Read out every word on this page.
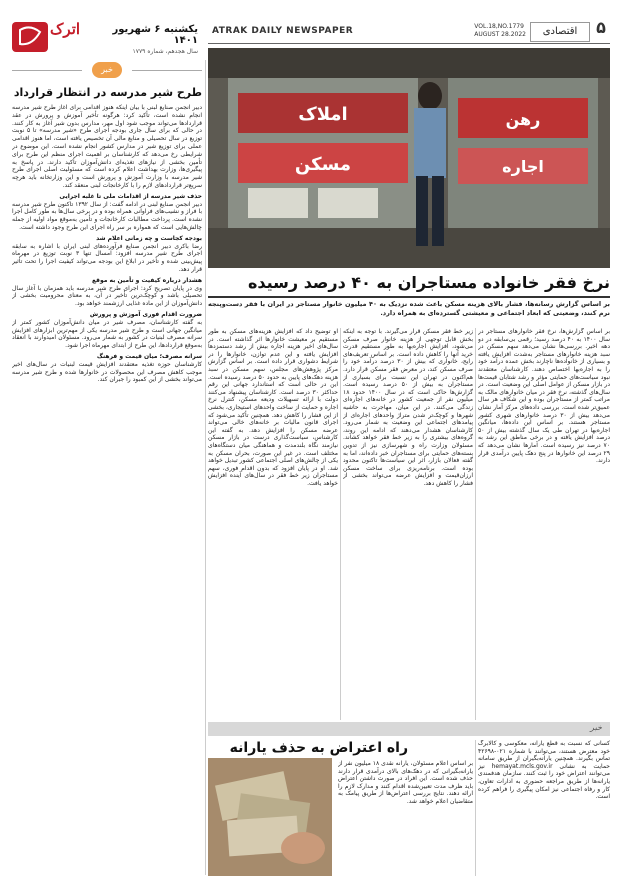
۵
اقتصادی
VOL.18,NO.1779
AUGUST 28.2022
ATRAK DAILY NEWSPAPER
اترک	یکشنبه ۶ شهریور ۱۴۰۱
سال هجدهم، شماره ۱۷۷۹
خبر
طرح شیر مدرسه در انتظار قرارداد
دبیر انجمن صنایع لبنی با بیان اینکه هنوز اقدامی برای آغاز طرح شیر مدرسه انجام نشده است، تأکید کرد: هرگونه تأخیر آموزش و پرورش در عقد قراردادها می‌تواند موجب شود اول مهر، مدارس بدون شیر آغاز به کار کنند. در حالی که برای سال جاری بودجه اجرای طرح «شیر مدرسه» تا ۵ نوبت توزیع در سال تحصیلی و منابع مالی آن تخصیص یافته است، اما هنوز اقدامی عملی برای توزیع شیر در مدارس کشور انجام نشده است. این موضوع در شرایطی رخ می‌دهد که کارشناسان بر اهمیت اجرای منظم این طرح برای تأمین بخشی از نیازهای تغذیه‌ای دانش‌آموزان تأکید دارند. در پاسخ به پیگیری‌ها، وزارت بهداشت اعلام کرده است که مسئولیت اصلی اجرای طرح شیر مدرسه با وزارت آموزش و پرورش است و این وزارتخانه باید هرچه سریع‌تر قراردادهای لازم را با کارخانجات لبنی منعقد کند.
حذف شیر مدرسه از اقدامات ملی تا غلبه اجرایی
دبیر انجمن صنایع لبنی در ادامه گفت: از سال ۱۳۹۲ تاکنون طرح شیر مدرسه با فراز و نشیب‌های فراوانی همراه بوده و در برخی سال‌ها به طور کامل اجرا نشده است. پرداخت مطالبات کارخانجات و تأمین به‌موقع مواد اولیه از جمله چالش‌هایی است که همواره بر سر راه اجرای این طرح وجود داشته است.
بودجه کجاست و چه زمانی اعلام شد
رضا باکری دبیر انجمن صنایع فرآورده‌های لبنی ایران با اشاره به سابقه اجرای طرح شیر مدرسه افزود: امسال تنها ۳ نوبت توزیع در مهرماه پیش‌بینی شده و تأخیر در ابلاغ این بودجه می‌تواند کیفیت اجرا را تحت تأثیر قرار دهد.
هشدار درباره کیفیت و تأمین به موقع
وی در پایان تصریح کرد: اجرای طرح شیر مدرسه باید همزمان با آغاز سال تحصیلی باشد و کوچک‌ترین تأخیر در آن، به معنای محرومیت بخشی از دانش‌آموزان از این ماده غذایی ارزشمند خواهد بود.
ضرورت اقدام فوری آموزش و پرورش
به گفته کارشناسان، مصرف شیر در میان دانش‌آموزان کشور کمتر از میانگین جهانی است و طرح شیر مدرسه یکی از مهم‌ترین ابزارهای افزایش سرانه مصرف لبنیات در کشور به شمار می‌رود. مسئولان امیدوارند با انعقاد به‌موقع قراردادها، این طرح از ابتدای مهرماه اجرا شود.
سرانه مصرف؛ میان قیمت و فرهنگ
کارشناسان حوزه تغذیه معتقدند افزایش قیمت لبنیات در سال‌های اخیر موجب کاهش مصرف این محصولات در خانوارها شده و طرح شیر مدرسه می‌تواند بخشی از این کمبود را جبران کند.
املاک
مسکن
رهن
اجاره
نرخ فقر خانواده مستاجران به ۴۰ درصد رسیده
بر اساس گزارش رسانه‌ها، فشار بالای هزینه مسکن باعث شده نزدیک به ۴۰ میلیون خانوار مستاجر در ایران با فقر دست‌وپنجه نرم کنند، وضعیتی که ابعاد اجتماعی و معیشتی گسترده‌ای به همراه دارد.
بر اساس گزارش‌ها، نرخ فقر خانوارهای مستاجر در سال ۱۴۰۰ به ۴۰ درصد رسید؛ رقمی بی‌سابقه در دو دهه اخیر. بررسی‌ها نشان می‌دهد سهم مسکن در سبد هزینه خانوارهای مستاجر به‌شدت افزایش یافته و بسیاری از خانواده‌ها ناچارند بخش عمده درآمد خود را به اجاره‌بها اختصاص دهند. کارشناسان معتقدند نبود سیاست‌های حمایتی مؤثر و رشد شتابان قیمت‌ها در بازار مسکن از عوامل اصلی این وضعیت است. در سال‌های گذشته، نرخ فقر در میان خانوارهای مالک به مراتب کمتر از مستاجران بوده و این شکاف هر سال عمیق‌تر شده است. بررسی داده‌های مرکز آمار نشان می‌دهد بیش از ۳۰ درصد خانوارهای شهری کشور مستاجر هستند. بر اساس این داده‌ها، میانگین اجاره‌بها در تهران طی یک سال گذشته بیش از ۵۰ درصد افزایش یافته و در برخی مناطق این رشد به ۷۰ درصد نیز رسیده است. آمارها نشان می‌دهد که ۲۹ درصد این خانوارها در پنج دهک پایین درآمدی قرار دارند.
زیر خط فقر مسکن قرار می‌گیرند. با توجه به اینکه بخش قابل توجهی از هزینه خانوار صرف مسکن می‌شود، افزایش اجاره‌بها به طور مستقیم قدرت خرید آنها را کاهش داده است. بر اساس تعریف‌های رایج، خانواری که بیش از ۳۰ درصد درآمد خود را صرف مسکن کند، در معرض فقر مسکن قرار دارد. هم‌اکنون در تهران این نسبت برای بسیاری از مستاجران به بیش از ۵۰ درصد رسیده است. گزارش‌ها حاکی است که در سال ۱۴۰۰ حدود ۱۸ میلیون نفر از جمعیت کشور در خانه‌های اجاره‌ای زندگی می‌کنند. در این میان، مهاجرت به حاشیه شهرها و کوچک‌تر شدن متراژ واحدهای اجاره‌ای از پیامدهای اجتماعی این وضعیت به شمار می‌رود. کارشناسان هشدار می‌دهند که ادامه این روند، گروه‌های بیشتری را به زیر خط فقر خواهد کشاند. مسئولان وزارت راه و شهرسازی نیز از تدوین بسته‌های حمایتی برای مستاجران خبر داده‌اند، اما به گفته فعالان بازار، اثر این سیاست‌ها تاکنون محدود بوده است. برنامه‌ریزی برای ساخت مسکن ارزان‌قیمت و افزایش عرضه می‌تواند بخشی از فشار را کاهش دهد.
او توضیح داد که افزایش هزینه‌های مسکن به طور مستقیم بر معیشت خانوارها اثر گذاشته است. در سال‌های اخیر هزینه اجاره بیش از رشد دستمزدها افزایش یافته و این عدم توازن، خانوارها را در شرایط دشواری قرار داده است. بر اساس گزارش مرکز پژوهش‌های مجلس، سهم مسکن در سبد هزینه دهک‌های پایین به حدود ۵۰ درصد رسیده است. این در حالی است که استاندارد جهانی این رقم حداکثر ۳۰ درصد است. کارشناسان پیشنهاد می‌کنند دولت با ارائه تسهیلات ودیعه مسکن، کنترل نرخ اجاره و حمایت از ساخت واحدهای استیجاری، بخشی از این فشار را کاهش دهد. همچنین تأکید می‌شود که اجرای قانون مالیات بر خانه‌های خالی می‌تواند عرضه مسکن را افزایش دهد. به گفته این کارشناس، سیاست‌گذاری درست در بازار مسکن نیازمند نگاه بلندمدت و هماهنگی میان دستگاه‌های مختلف است. در غیر این صورت، بحران مسکن به یکی از چالش‌های اصلی اجتماعی کشور تبدیل خواهد شد. او در پایان افزود که بدون اقدام فوری، سهم مستاجران زیر خط فقر در سال‌های آینده افزایش خواهد یافت.
خبر
راه اعتراض به حذف یارانه	کسانی که نسبت به قطع یارانه، معکوسی و کالابرگ خود معترض هستند، می‌توانند با شماره ۰۲۱-۴۲۶۹۸ تماس بگیرند. همچنین یارانه‌بگیران از طریق سامانه حمایت به نشانی hemayat.mcls.gov.ir نیز می‌توانند اعتراض خود را ثبت کنند. سازمان هدفمندی یارانه‌ها از طریق مراجعه حضوری به ادارات تعاون، کار و رفاه اجتماعی نیز امکان پیگیری را فراهم کرده است.
بر اساس اعلام مسئولان، یارانه نقدی ۱۸ میلیون نفر از یارانه‌بگیرانی که در دهک‌های بالای درآمدی قرار دارند حذف شده است. این افراد در صورت داشتن اعتراض باید ظرف مدت تعیین‌شده اقدام کنند و مدارک لازم را ارائه دهند. نتایج بررسی اعتراض‌ها از طریق پیامک به متقاضیان اعلام خواهد شد.
